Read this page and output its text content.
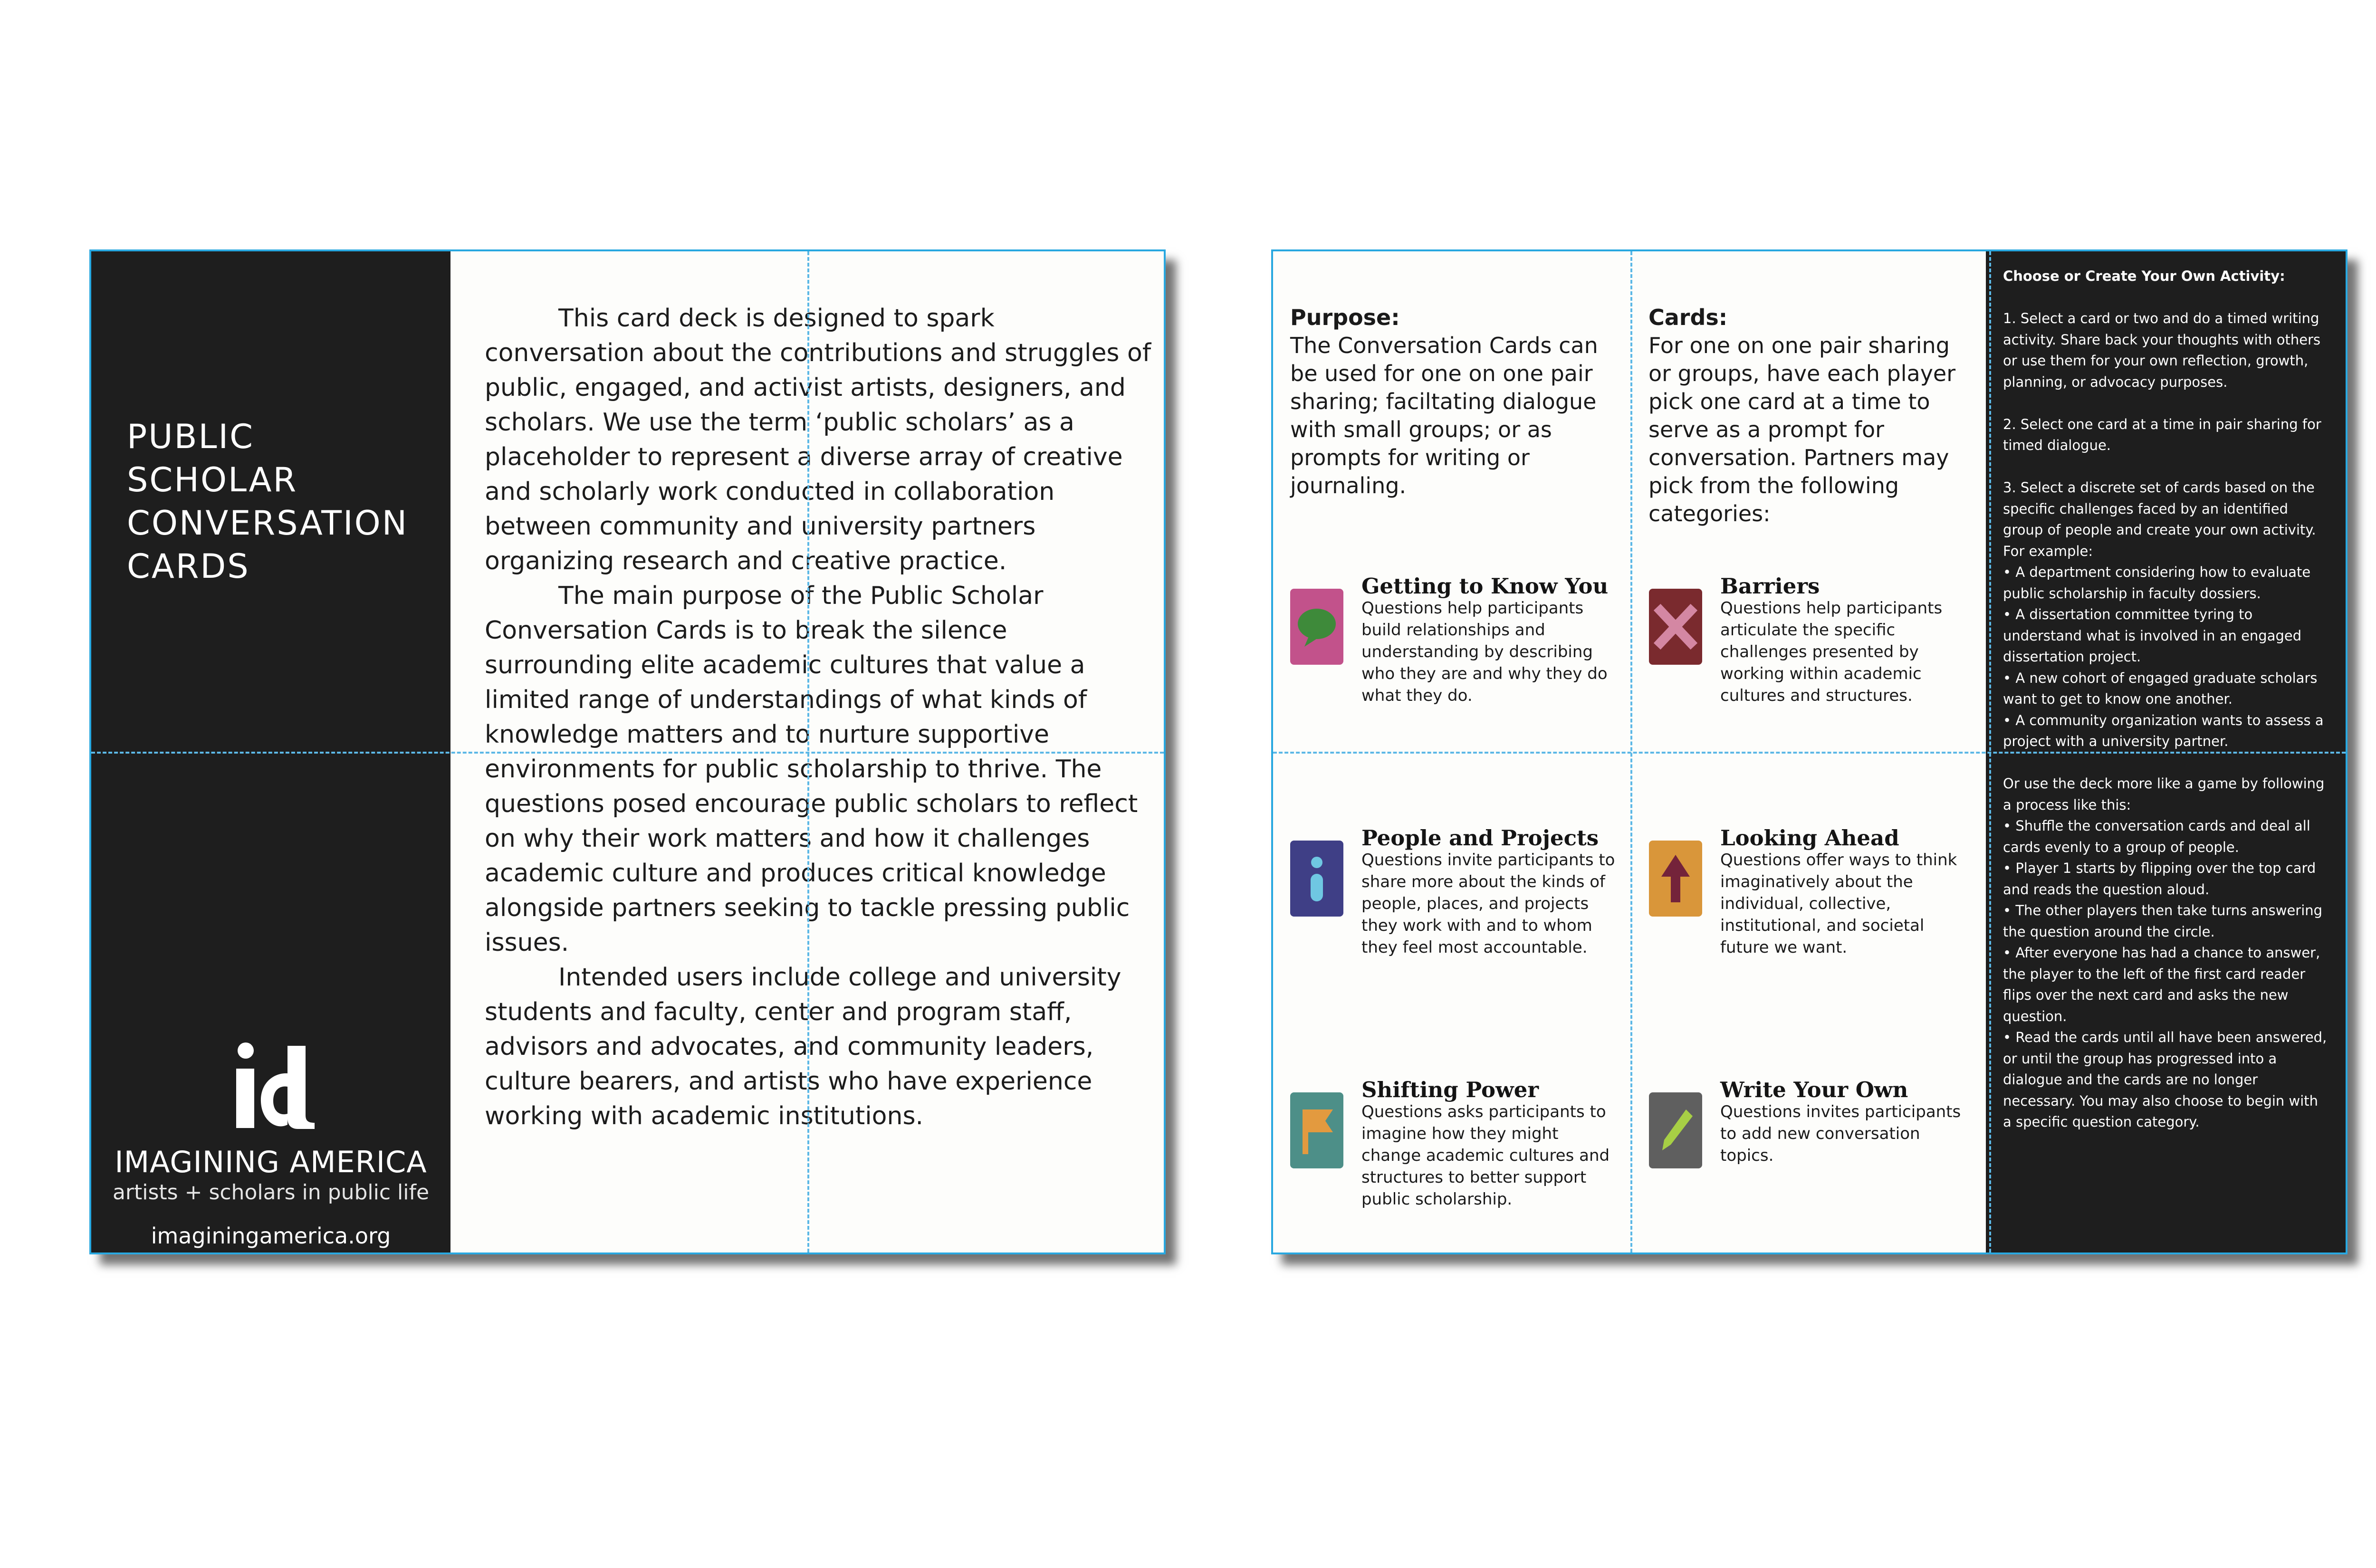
PUBLIC
SCHOLAR
CONVERSATION
CARDS
IMAGINING AMERICA
artists + scholars in public life
imaginingamerica.org

This card deck is designed to spark conversation about the contributions and struggles of public, engaged, and activist artists, designers, and scholars. We use the term ‘public scholars’ as a placeholder to represent a diverse array of creative and scholarly work conducted in collaboration between community and university partners organizing research and creative practice.

The main purpose of the Public Scholar Conversation Cards is to break the silence surrounding elite academic cultures that value a limited range of understandings of what kinds of knowledge matters and to nurture supportive environments for public scholarship to thrive. The questions posed encourage public scholars to reflect on why their work matters and how it challenges academic culture and produces critical knowledge alongside partners seeking to tackle pressing public issues.

Intended users include college and university students and faculty, center and program staff, advisors and advocates, and community leaders, culture bearers, and artists who have experience working with academic institutions.

Purpose:
The Conversation Cards can be used for one on one pair sharing; faciltating dialogue with small groups; or as prompts for writing or journaling.
Cards:
For one on one pair sharing or groups, have each player pick one card at a time to serve as a prompt for conversation. Partners may pick from the following categories:
Getting to Know You
Questions help participants build relationships and understanding by describing who they are and why they do what they do.
Barriers
Questions help participants articulate the specific challenges presented by working within academic cultures and structures.
People and Projects
Questions invite participants to share more about the kinds of people, places, and projects they work with and to whom they feel most accountable.
Looking Ahead
Questions offer ways to think imaginatively about the individual, collective, institutional, and societal future we want.
Shifting Power
Questions asks participants to imagine how they might change academic cultures and structures to better support public scholarship.
Write Your Own
Questions invites participants to add new conversation topics.
Choose or Create Your Own Activity:
1. Select a card or two and do a timed writing activity. Share back your thoughts with others or use them for your own reflection, growth, planning, or advocacy purposes.
2. Select one card at a time in pair sharing for timed dialogue.
3. Select a discrete set of cards based on the specific challenges faced by an identified group of people and create your own activity. For example:
• A department considering how to evaluate public scholarship in faculty dossiers.
• A dissertation committee tyring to understand what is involved in an engaged dissertation project.
• A new cohort of engaged graduate scholars want to get to know one another.
• A community organization wants to assess a project with a university partner.
Or use the deck more like a game by following a process like this:
• Shuffle the conversation cards and deal all cards evenly to a group of people.
• Player 1 starts by flipping over the top card and reads the question aloud.
• The other players then take turns answering the question around the circle.
• After everyone has had a chance to answer, the player to the left of the first card reader flips over the next card and asks the new question.
• Read the cards until all have been answered, or until the group has progressed into a dialogue and the cards are no longer necessary. You may also choose to begin with a specific question category.
